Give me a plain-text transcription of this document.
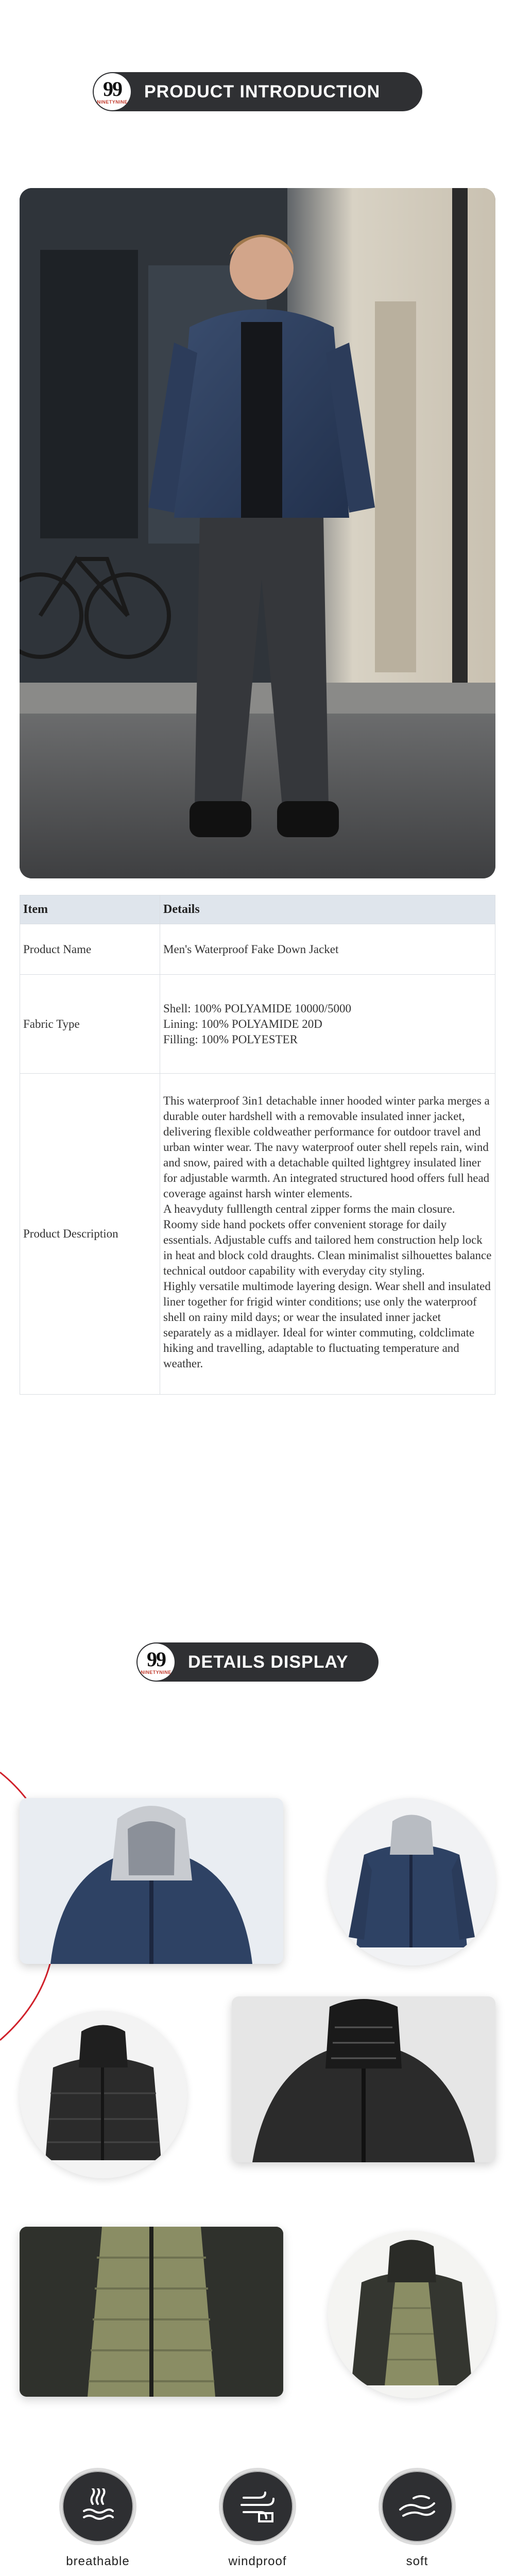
99
NINETYNINE
PRODUCT INTRODUCTION
Item	Details
Product Name	Men's Waterproof Fake Down Jacket
Fabric Type	Shell: 100% POLYAMIDE 10000/5000
Lining: 100% POLYAMIDE 20D
Filling: 100% POLYESTER

Product Description	This waterproof 3in1 detachable inner hooded winter parka merges a durable outer hardshell with a removable insulated inner jacket, delivering flexible coldweather performance for outdoor travel and urban winter wear. The navy waterproof outer shell repels rain, wind and snow, paired with a detachable quilted lightgrey insulated liner for adjustable warmth. An integrated structured hood offers full head coverage against harsh winter elements.
A heavyduty fulllength central zipper forms the main closure. Roomy side hand pockets offer convenient storage for daily essentials. Adjustable cuffs and tailored hem construction help lock in heat and block cold draughts. Clean minimalist silhouettes balance technical outdoor capability with everyday city styling.
Highly versatile multimode layering design. Wear shell and insulated liner together for frigid winter conditions; use only the waterproof shell on rainy mild days; or wear the insulated inner jacket separately as a midlayer. Ideal for winter commuting, coldclimate hiking and travelling, adaptable to fluctuating temperature and weather.
99
NINETYNINE
DETAILS DISPLAY
breathable	windproof	soft
